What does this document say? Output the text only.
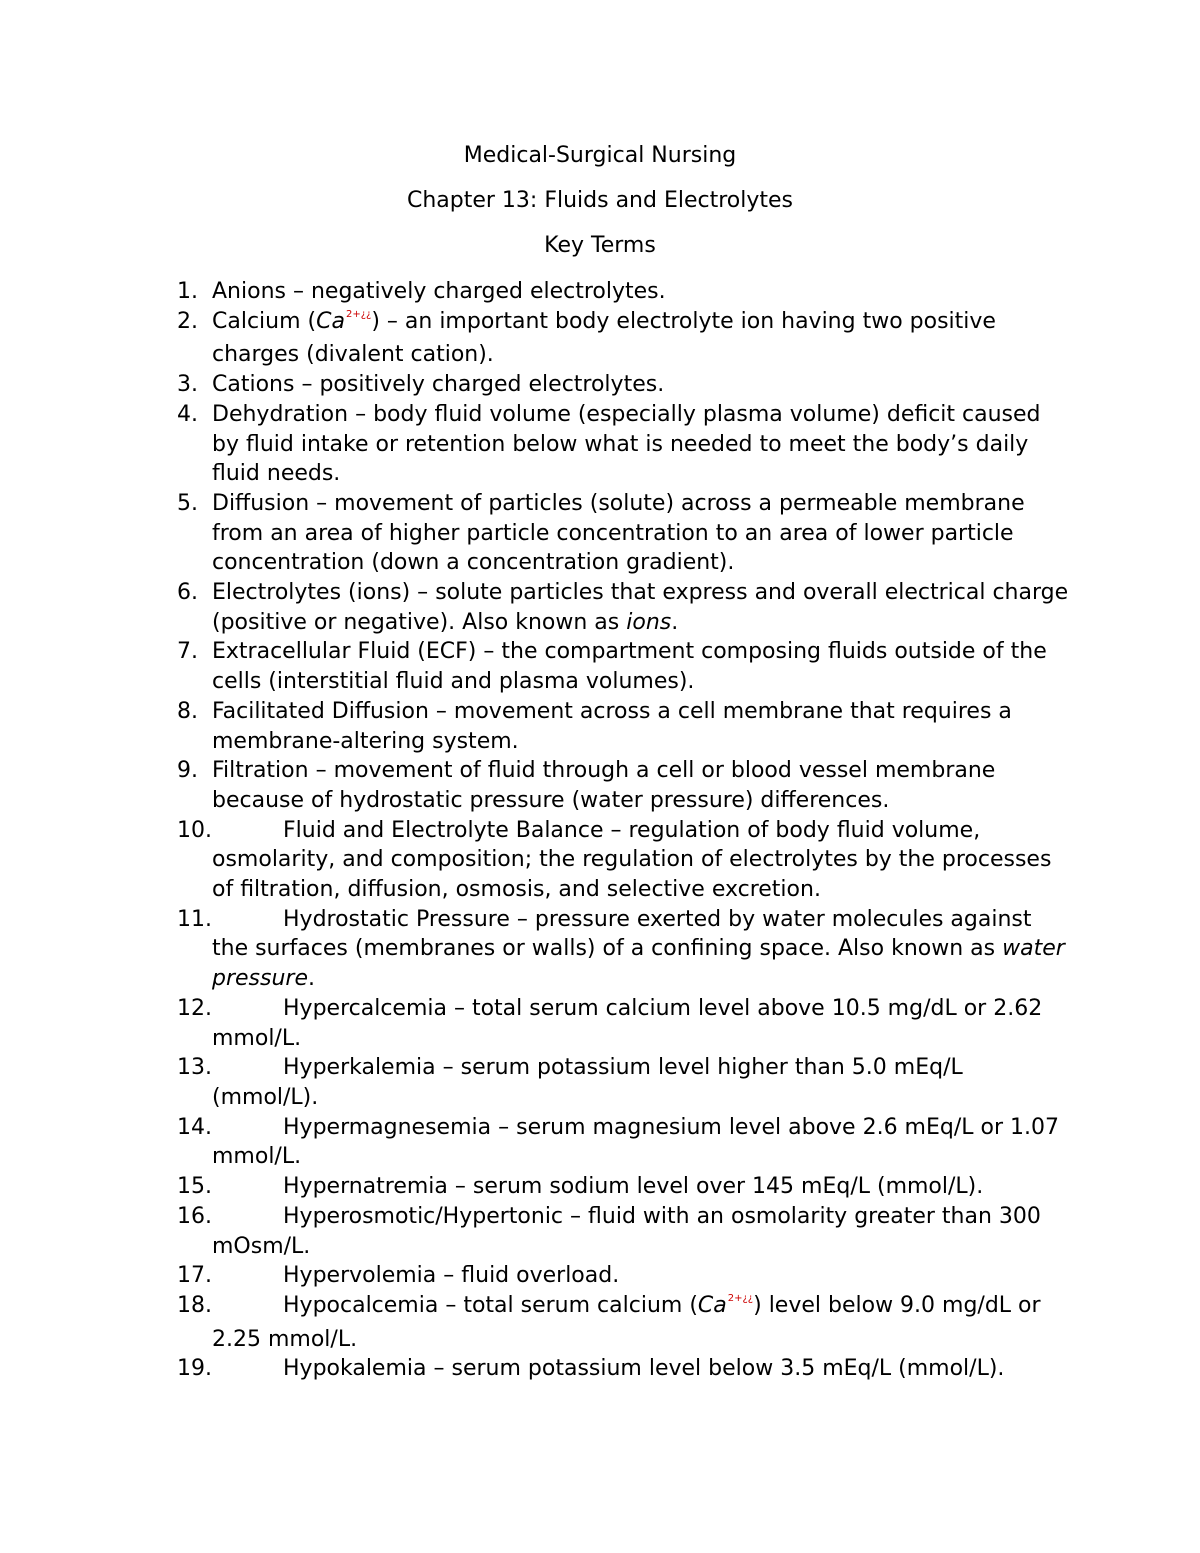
Medical-Surgical Nursing
Chapter 13: Fluids and Electrolytes
Key Terms
1. Anions – negatively charged electrolytes.
2. Calcium $(Ca^{2+¿¿})$ – an important body electrolyte ion having two positive charges (divalent cation).
3. Cations – positively charged electrolytes.
4. Dehydration – body fluid volume (especially plasma volume) deficit caused by fluid intake or retention below what is needed to meet the body’s daily fluid needs.
5. Diffusion – movement of particles (solute) across a permeable membrane from an area of higher particle concentration to an area of lower particle concentration (down a concentration gradient).
6. Electrolytes (ions) – solute particles that express and overall electrical charge (positive or negative). Also known as ions.
7. Extracellular Fluid (ECF) – the compartment composing fluids outside of the cells (interstitial fluid and plasma volumes).
8. Facilitated Diffusion – movement across a cell membrane that requires a membrane-altering system.
9. Filtration – movement of fluid through a cell or blood vessel membrane because of hydrostatic pressure (water pressure) differences.
10.	Fluid and Electrolyte Balance – regulation of body fluid volume, osmolarity, and composition; the regulation of electrolytes by the processes of filtration, diffusion, osmosis, and selective excretion.
11.	Hydrostatic Pressure – pressure exerted by water molecules against the surfaces (membranes or walls) of a confining space. Also known as water pressure.
12.	Hypercalcemia – total serum calcium level above 10.5 mg/dL or 2.62 mmol/L.
13.	Hyperkalemia – serum potassium level higher than 5.0 mEq/L (mmol/L).
14.	Hypermagnesemia – serum magnesium level above 2.6 mEq/L or 1.07 mmol/L.
15.	Hypernatremia – serum sodium level over 145 mEq/L (mmol/L).
16.	Hyperosmotic/Hypertonic – fluid with an osmolarity greater than 300 mOsm/L.
17.	Hypervolemia – fluid overload.
18.	Hypocalcemia – total serum calcium $(Ca^{2+¿¿})$ level below 9.0 mg/dL or 2.25 mmol/L.
19.	Hypokalemia – serum potassium level below 3.5 mEq/L (mmol/L).
